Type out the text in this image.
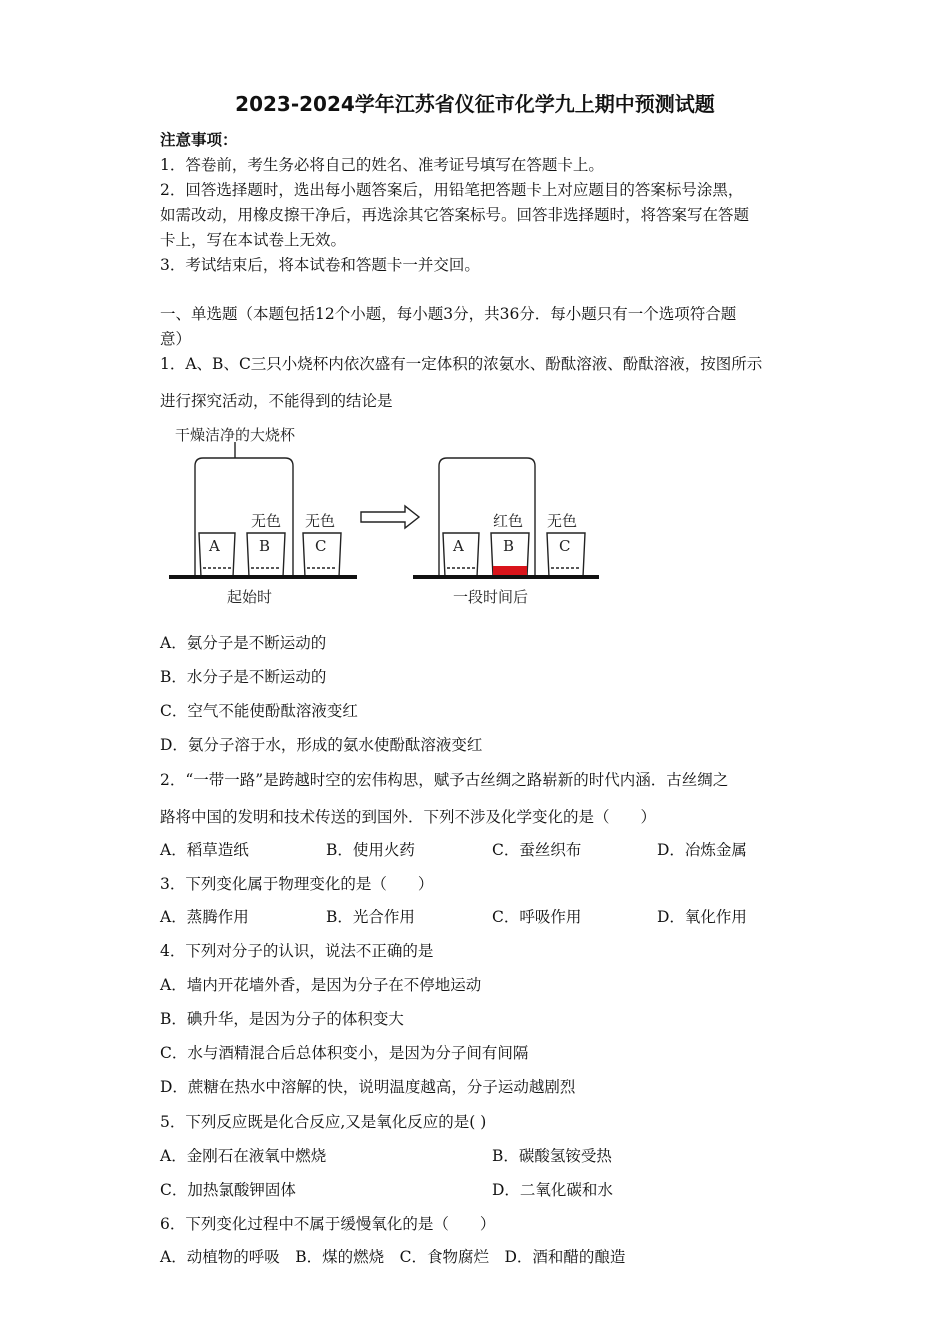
2023-2024学年江苏省仪征市化学九上期中预测试题
注意事项：
1．答卷前，考生务必将自己的姓名、准考证号填写在答题卡上。
2．回答选择题时，选出每小题答案后，用铅笔把答题卡上对应题目的答案标号涂黑，
如需改动，用橡皮擦干净后，再选涂其它答案标号。回答非选择题时，将答案写在答题
卡上，写在本试卷上无效。
3．考试结束后，将本试卷和答题卡一并交回。
一、单选题（本题包括12个小题，每小题3分，共36分．每小题只有一个选项符合题
意）
1．A、B、C三只小烧杯内依次盛有一定体积的浓氨水、酚酞溶液、酚酞溶液，按图所示
进行探究活动，不能得到的结论是
干燥洁净的大烧杯
A	B	C
无色 无色
A	B	C
红色 无色
起始时	一段时间后
A．氨分子是不断运动的
B．水分子是不断运动的
C．空气不能使酚酞溶液变红
D．氨分子溶于水，形成的氨水使酚酞溶液变红
2．“一带一路”是跨越时空的宏伟构思，赋予古丝绸之路崭新的时代内涵．古丝绸之
路将中国的发明和技术传送的到国外．下列不涉及化学变化的是（　　）
A．稻草造纸	B．使用火药	C．蚕丝织布	D．冶炼金属
3．下列变化属于物理变化的是（　　）
A．蒸腾作用	B．光合作用	C．呼吸作用	D．氧化作用
4．下列对分子的认识，说法不正确的是
A．墙内开花墙外香，是因为分子在不停地运动
B．碘升华，是因为分子的体积变大
C．水与酒精混合后总体积变小，是因为分子间有间隔
D．蔗糖在热水中溶解的快，说明温度越高，分子运动越剧烈
5．下列反应既是化合反应,又是氧化反应的是( )
A．金刚石在液氧中燃烧	B．碳酸氢铵受热
C．加热氯酸钾固体	D．二氧化碳和水
6．下列变化过程中不属于缓慢氧化的是（　　）
A．动植物的呼吸　B．煤的燃烧　C．食物腐烂　D．酒和醋的酿造
